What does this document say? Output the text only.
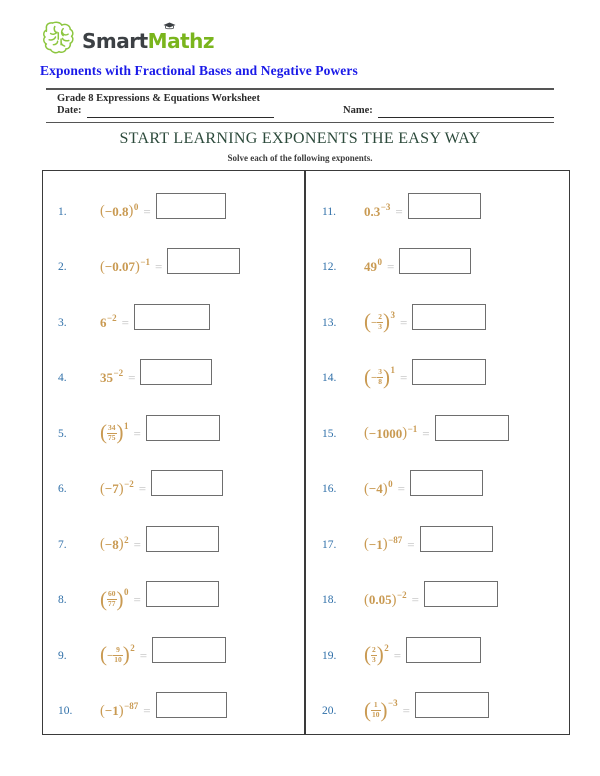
Smart
Mathz
Exponents with Fractional Bases and Negative Powers
Grade 8 Expressions & Equations Worksheet
Date:	Name:
START LEARNING EXPONENTS THE EASY WAY
Solve each of the following exponents.
1.	( −0.8 ) 0 =
2.	( −0.07 ) −1 =
3.	6 −2 =
4.	35 −2 =
5.	( $\frac{34}{75}$ ) 1 =
6.	( −7 ) −2 =
7.	( −8 ) 2 =
8.	( $\frac{60}{77}$ ) 0 =
9.	( − $\frac{9}{10}$ ) 2 =
10.	( −1 ) −87 =
11.	0.3 −3 =
12.	49 0 =
13.	( − $\frac{2}{3}$ ) 3 =
14.	( − $\frac{3}{8}$ ) 1 =
15.	( −1000 ) −1 =
16.	( −4 ) 0 =
17.	( −1 ) −87 =
18.	( 0.05 ) −2 =
19.	( $\frac{2}{3}$ ) 2 =
20.	( $\frac{1}{10}$ ) −3 =
